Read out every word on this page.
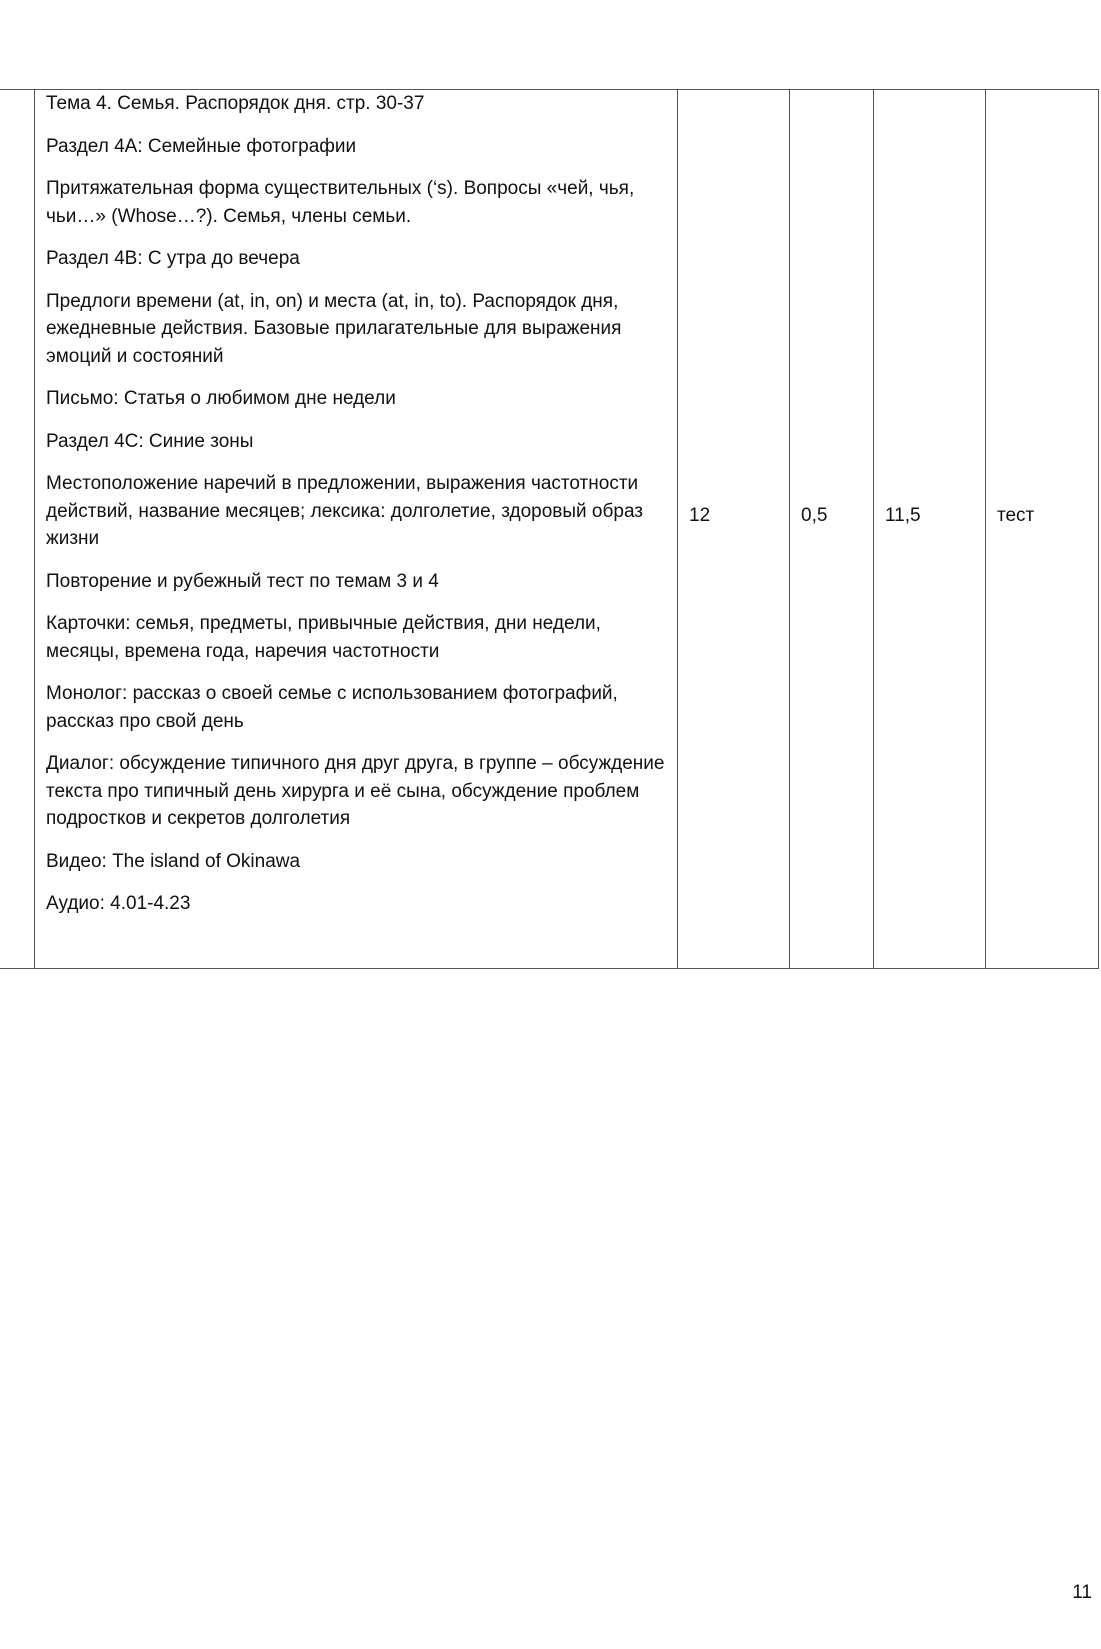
Тема 4. Семья. Распорядок дня. стр. 30-37

Раздел 4А: Семейные фотографии

Притяжательная форма существительных (‘s). Вопросы «чей, чья, чьи…» (Whose…?). Семья, члены семьи.

Раздел 4В: С утра до вечера

Предлоги времени (at, in, on) и места (at, in, to). Распорядок дня, ежедневные действия. Базовые прилагательные для выражения эмоций и состояний

Письмо: Статья о любимом дне недели

Раздел 4С: Синие зоны

Местоположение наречий в предложении, выражения частотности действий, название месяцев; лексика: долголетие, здоровый образ жизни

Повторение и рубежный тест по темам 3 и 4

Карточки: семья, предметы, привычные действия, дни недели, месяцы, времена года, наречия частотности

Монолог: рассказ о своей семье с использованием фотографий, рассказ про свой день

Диалог: обсуждение типичного дня друг друга, в группе – обсуждение текста про типичный день хирурга и её сына, обсуждение проблем подростков и секретов долголетия

Видео: The island of Okinawa

Аудио: 4.01-4.23

	12	0,5	11,5	тест
11
